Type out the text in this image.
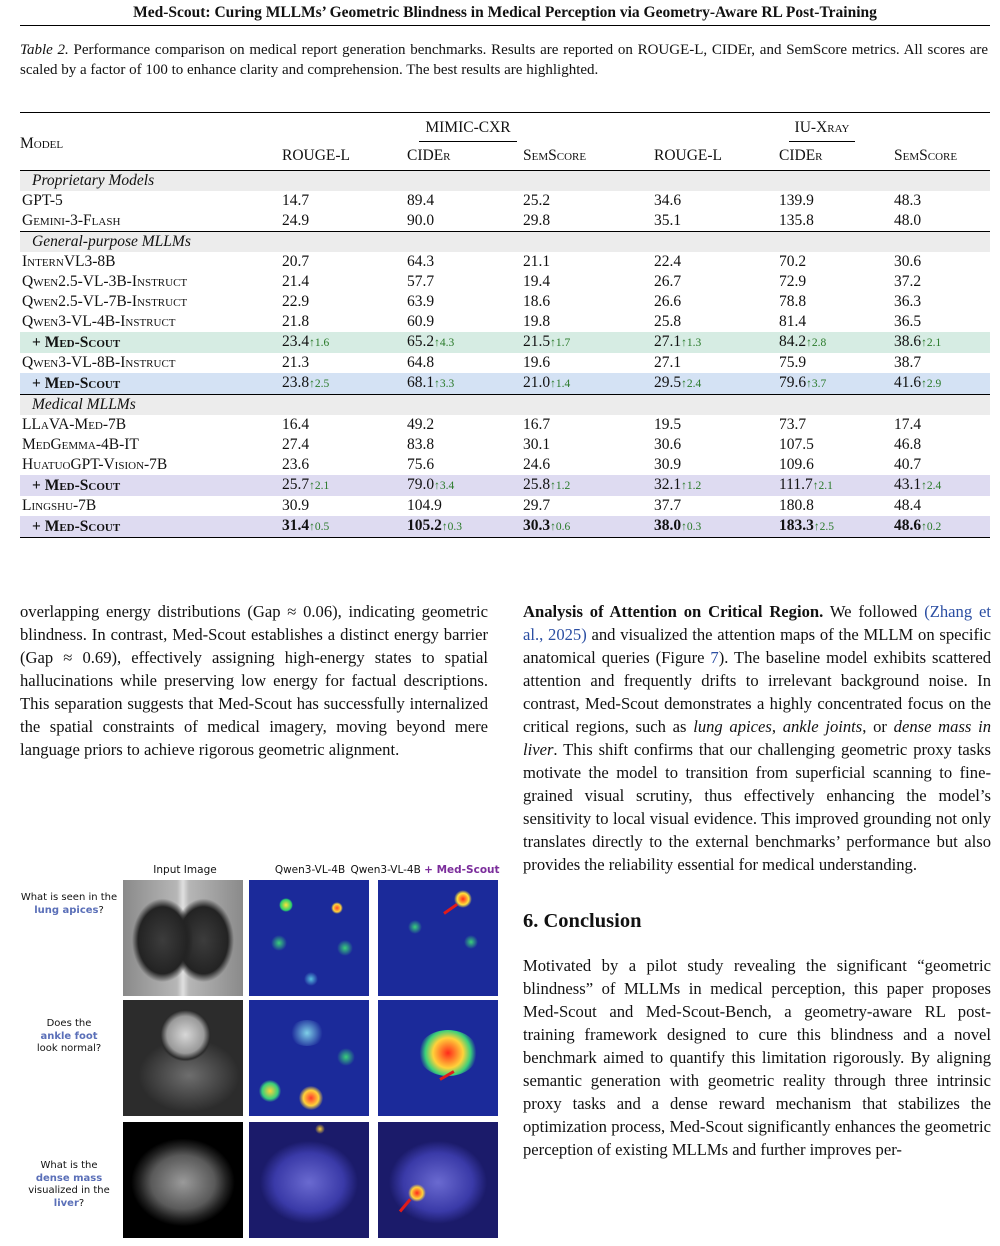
Med-Scout: Curing MLLMs’ Geometric Blindness in Medical Perception via Geometry-Aware RL Post-Training
Table 2. Performance comparison on medical report generation benchmarks. Results are reported on ROUGE-L, CIDEr, and SemScore metrics. All scores are scaled by a factor of 100 to enhance clarity and comprehension. The best results are highlighted.
Model	MIMIC-CXR			IU-Xray		
	ROUGE-L	CIDEr	SemScore	ROUGE-L	CIDEr	SemScore
Proprietary Models						
GPT-5	14.7	89.4	25.2	34.6	139.9	48.3
Gemini-3-Flash	24.9	90.0	29.8	35.1	135.8	48.0
General-purpose MLLMs						
InternVL3-8B	20.7	64.3	21.1	22.4	70.2	30.6
Qwen2.5-VL-3B-Instruct	21.4	57.7	19.4	26.7	72.9	37.2
Qwen2.5-VL-7B-Instruct	22.9	63.9	18.6	26.6	78.8	36.3
Qwen3-VL-4B-Instruct	21.8	60.9	19.8	25.8	81.4	36.5
+ Med-Scout	23.4↑1.6	65.2↑4.3	21.5↑1.7	27.1↑1.3	84.2↑2.8	38.6↑2.1
Qwen3-VL-8B-Instruct	21.3	64.8	19.6	27.1	75.9	38.7
+ Med-Scout	23.8↑2.5	68.1↑3.3	21.0↑1.4	29.5↑2.4	79.6↑3.7	41.6↑2.9
Medical MLLMs						
LLaVA-Med-7B	16.4	49.2	16.7	19.5	73.7	17.4
MedGemma-4B-IT	27.4	83.8	30.1	30.6	107.5	46.8
HuatuoGPT-Vision-7B	23.6	75.6	24.6	30.9	109.6	40.7
+ Med-Scout	25.7↑2.1	79.0↑3.4	25.8↑1.2	32.1↑1.2	111.7↑2.1	43.1↑2.4
Lingshu-7B	30.9	104.9	29.7	37.7	180.8	48.4
+ Med-Scout	31.4↑0.5	105.2↑0.3	30.3↑0.6	38.0↑0.3	183.3↑2.5	48.6↑0.2

overlapping energy distributions (Gap ≈ 0.06), indicating geometric blindness. In contrast, Med-Scout establishes a distinct energy barrier (Gap ≈ 0.69), effectively assigning high-energy states to spatial hallucinations while preserving low energy for factual descriptions. This separation suggests that Med-Scout has successfully internalized the spatial constraints of medical imagery, moving beyond mere language priors to achieve rigorous geometric alignment.

Input Image	Qwen3-VL-4B Qwen3-VL-4B + Med-Scout
What is seen in the
lung apices?
Does the
ankle foot
look normal?
What is the
dense mass
visualized in the
liver?

Analysis of Attention on Critical Region. We followed (Zhang et al., 2025) and visualized the attention maps of the MLLM on specific anatomical queries (Figure 7). The baseline model exhibits scattered attention and frequently drifts to irrelevant background noise. In contrast, Med-Scout demonstrates a highly concentrated focus on the critical regions, such as lung apices, ankle joints, or dense mass in liver. This shift confirms that our challenging geometric proxy tasks motivate the model to transition from superficial scanning to fine-grained visual scrutiny, thus effectively enhancing the model’s sensitivity to local visual evidence. This improved grounding not only translates directly to the external benchmarks’ performance but also provides the reliability essential for medical understanding.

6. Conclusion

Motivated by a pilot study revealing the significant “geometric blindness” of MLLMs in medical perception, this paper proposes Med-Scout and Med-Scout-Bench, a geometry-aware RL post-training framework designed to cure this blindness and a novel benchmark aimed to quantify this limitation rigorously. By aligning semantic generation with geometric reality through three intrinsic proxy tasks and a dense reward mechanism that stabilizes the optimization process, Med-Scout significantly enhances the geometric perception of existing MLLMs and further improves per-
